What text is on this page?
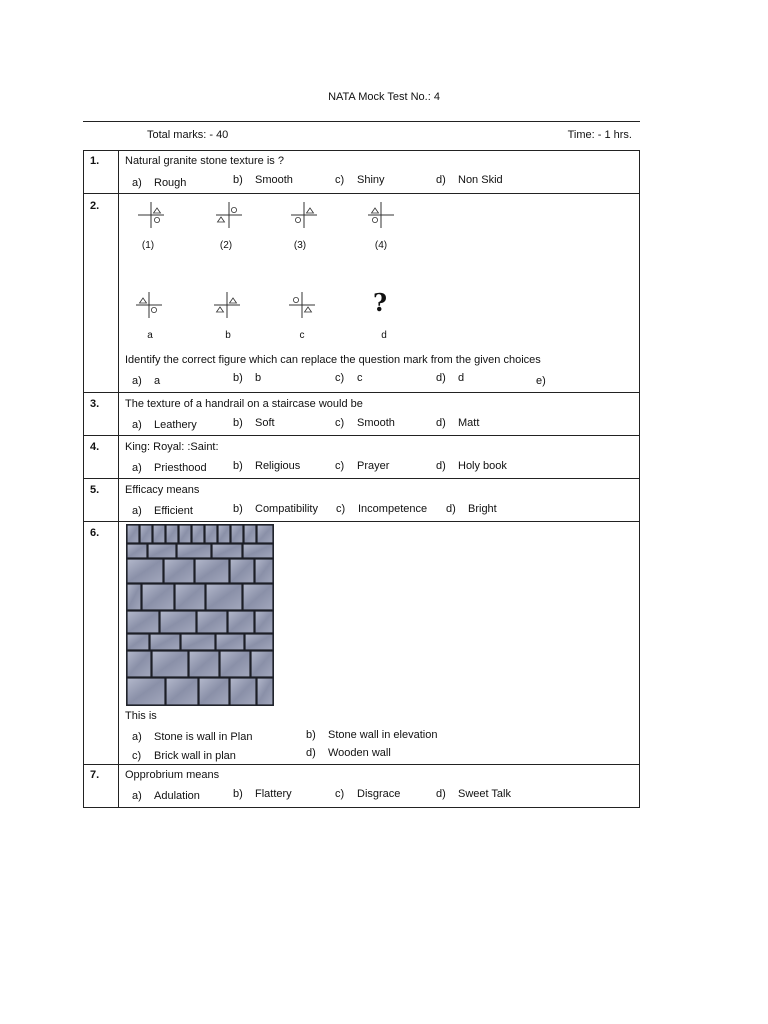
NATA Mock Test No.: 4
Total marks: - 40	Time: - 1 hrs.
1. Natural granite stone texture is ?
a) Rough	b) Smooth	c) Shiny	d) Non Skid
2.
(1)	(2)	(3)	(4)
?
a	b	c	d
Identify the correct figure which can replace the question mark from the given choices
a) a	b) b	c) c	d) d	e)
3. The texture of a handrail on a staircase would be
a) Leathery	b) Soft	c) Smooth	d) Matt
4. King: Royal: :Saint:
a) Priesthood b) Religious	c) Prayer	d) Holy book
5. Efficacy means
a) Efficient	b) Compatibility c) Incompetence d) Bright
6.
This is
a) Stone is wall in Plan	b) Stone wall in elevation
c) Brick wall in plan	d) Wooden wall
7. Opprobrium means
a) Adulation	b) Flattery	c) Disgrace	d) Sweet Talk
